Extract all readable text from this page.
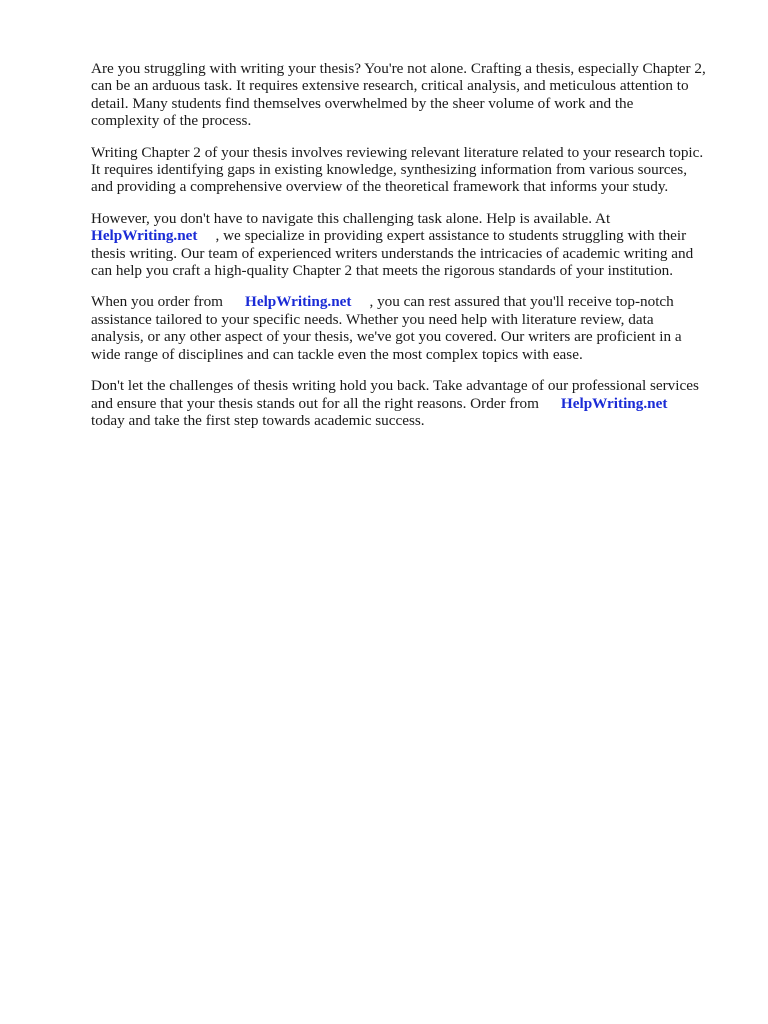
Are you struggling with writing your thesis? You're not alone. Crafting a thesis, especially Chapter 2,
can be an arduous task. It requires extensive research, critical analysis, and meticulous attention to
detail. Many students find themselves overwhelmed by the sheer volume of work and the
complexity of the process.

Writing Chapter 2 of your thesis involves reviewing relevant literature related to your research topic.
It requires identifying gaps in existing knowledge, synthesizing information from various sources,
and providing a comprehensive overview of the theoretical framework that informs your study.

However, you don't have to navigate this challenging task alone. Help is available. At
HelpWriting.net , we specialize in providing expert assistance to students struggling with their
thesis writing. Our team of experienced writers understands the intricacies of academic writing and
can help you craft a high-quality Chapter 2 that meets the rigorous standards of your institution.

When you order from HelpWriting.net , you can rest assured that you'll receive top-notch
assistance tailored to your specific needs. Whether you need help with literature review, data
analysis, or any other aspect of your thesis, we've got you covered. Our writers are proficient in a
wide range of disciplines and can tackle even the most complex topics with ease.

Don't let the challenges of thesis writing hold you back. Take advantage of our professional services
and ensure that your thesis stands out for all the right reasons. Order from HelpWriting.net
today and take the first step towards academic success.
